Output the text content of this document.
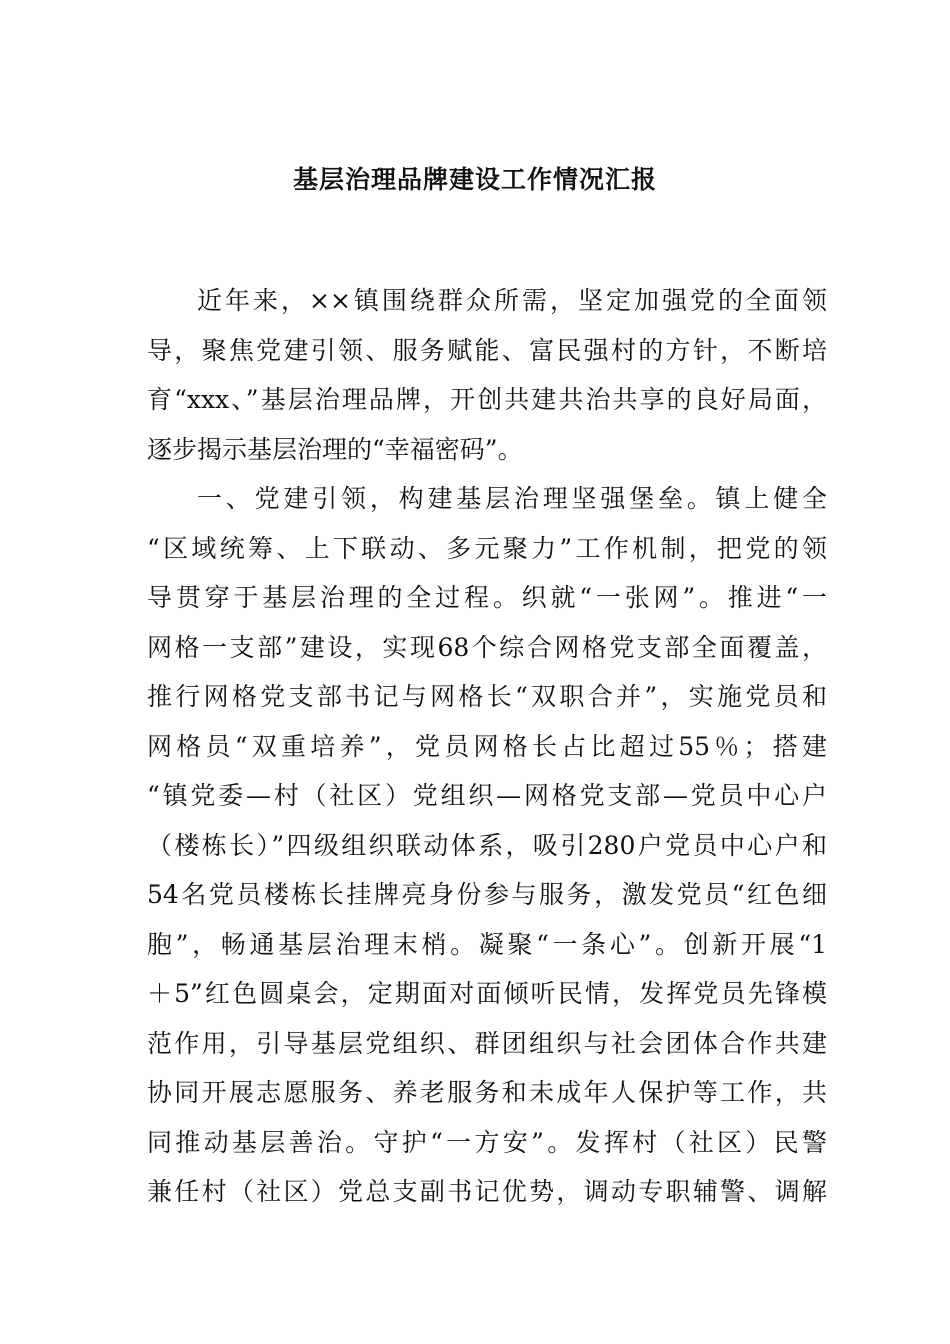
基层治理品牌建设工作情况汇报
近年来，××镇围绕群众所需，坚定加强党的全面领
导，聚焦党建引领、服务赋能、富民强村的方针，不断培
育“xxx、”基层治理品牌，开创共建共治共享的良好局面，
逐步揭示基层治理的“幸福密码”。
一、党建引领，构建基层治理坚强堡垒。镇上健全
“区域统筹、上下联动、多元聚力”工作机制，把党的领
导贯穿于基层治理的全过程。织就“一张网”。推进“一
网格一支部”建设，实现68个综合网格党支部全面覆盖，
推行网格党支部书记与网格长“双职合并”，实施党员和
网格员“双重培养”，党员网格长占比超过55％；搭建
“镇党委—村（社区）党组织—网格党支部—党员中心户
（楼栋长）”四级组织联动体系，吸引280户党员中心户和
54名党员楼栋长挂牌亮身份参与服务，激发党员“红色细
胞”，畅通基层治理末梢。凝聚“一条心”。创新开展“1
＋5”红色圆桌会，定期面对面倾听民情，发挥党员先锋模
范作用，引导基层党组织、群团组织与社会团体合作共建
协同开展志愿服务、养老服务和未成年人保护等工作，共
同推动基层善治。守护“一方安”。发挥村（社区）民警
兼任村（社区）党总支副书记优势，调动专职辅警、调解
